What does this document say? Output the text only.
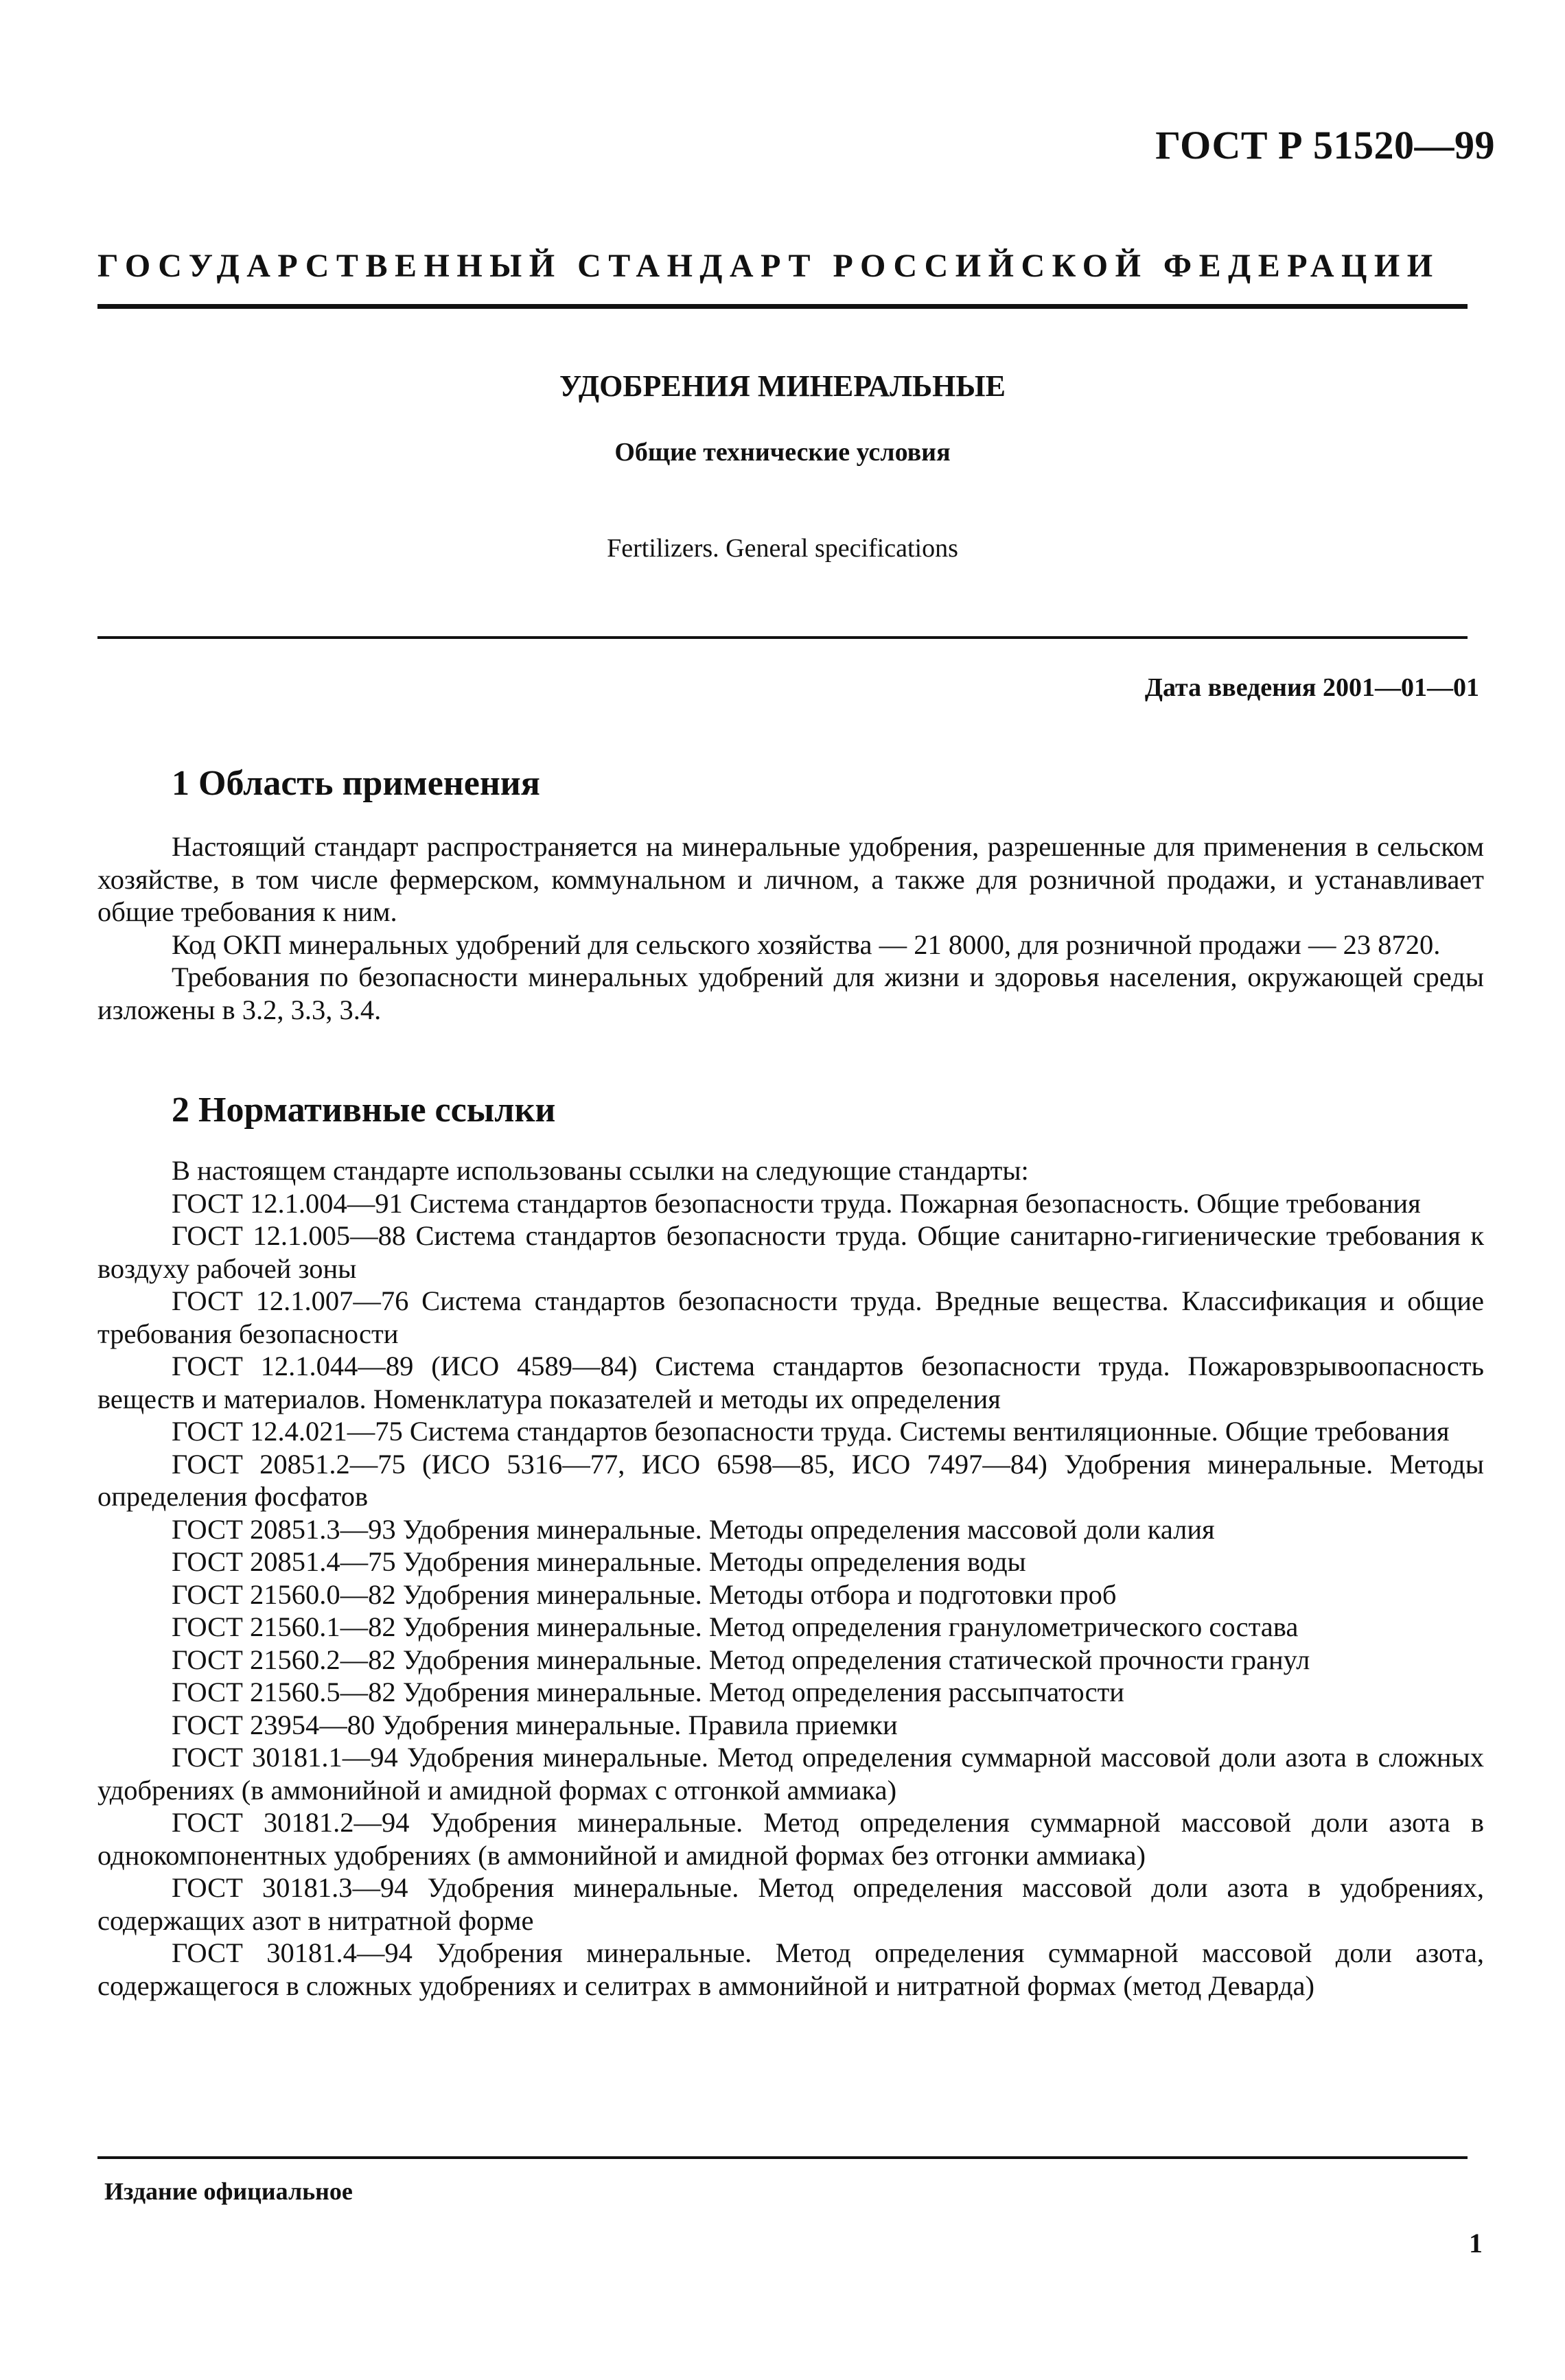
ГОСТ Р 51520—99
ГОСУДАРСТВЕННЫЙ СТАНДАРТ РОССИЙСКОЙ ФЕДЕРАЦИИ
УДОБРЕНИЯ МИНЕРАЛЬНЫЕ
Общие технические условия
Fertilizers. General specifications
Дата введения 2001—01—01
1 Область применения

Настоящий стандарт распространяется на минеральные удобрения, разрешенные для применения в сельском хозяйстве, в том числе фермерском, коммунальном и личном, а также для розничной продажи, и устанавливает общие требования к ним.

Код ОКП минеральных удобрений для сельского хозяйства — 21 8000, для розничной продажи — 23 8720.

Требования по безопасности минеральных удобрений для жизни и здоровья населения, окружающей среды изложены в 3.2, 3.3, 3.4.

2 Нормативные ссылки

В настоящем стандарте использованы ссылки на следующие стандарты:

ГОСТ 12.1.004—91 Система стандартов безопасности труда. Пожарная безопасность. Общие требования

ГОСТ 12.1.005—88 Система стандартов безопасности труда. Общие санитарно-гигиенические требования к воздуху рабочей зоны

ГОСТ 12.1.007—76 Система стандартов безопасности труда. Вредные вещества. Классификация и общие требования безопасности

ГОСТ 12.1.044—89 (ИСО 4589—84) Система стандартов безопасности труда. Пожаровзрывоопасность веществ и материалов. Номенклатура показателей и методы их определения

ГОСТ 12.4.021—75 Система стандартов безопасности труда. Системы вентиляционные. Общие требования

ГОСТ 20851.2—75 (ИСО 5316—77, ИСО 6598—85, ИСО 7497—84) Удобрения минеральные. Методы определения фосфатов

ГОСТ 20851.3—93 Удобрения минеральные. Методы определения массовой доли калия

ГОСТ 20851.4—75 Удобрения минеральные. Методы определения воды

ГОСТ 21560.0—82 Удобрения минеральные. Методы отбора и подготовки проб

ГОСТ 21560.1—82 Удобрения минеральные. Метод определения гранулометрического состава

ГОСТ 21560.2—82 Удобрения минеральные. Метод определения статической прочности гранул

ГОСТ 21560.5—82 Удобрения минеральные. Метод определения рассыпчатости

ГОСТ 23954—80 Удобрения минеральные. Правила приемки

ГОСТ 30181.1—94 Удобрения минеральные. Метод определения суммарной массовой доли азота в сложных удобрениях (в аммонийной и амидной формах с отгонкой аммиака)

ГОСТ 30181.2—94 Удобрения минеральные. Метод определения суммарной массовой доли азота в однокомпонентных удобрениях (в аммонийной и амидной формах без отгонки аммиака)

ГОСТ 30181.3—94 Удобрения минеральные. Метод определения массовой доли азота в удобрениях, содержащих азот в нитратной форме

ГОСТ 30181.4—94 Удобрения минеральные. Метод определения суммарной массовой доли азота, содержащегося в сложных удобрениях и селитрах в аммонийной и нитратной формах (метод Деварда)

Издание официальное
1
